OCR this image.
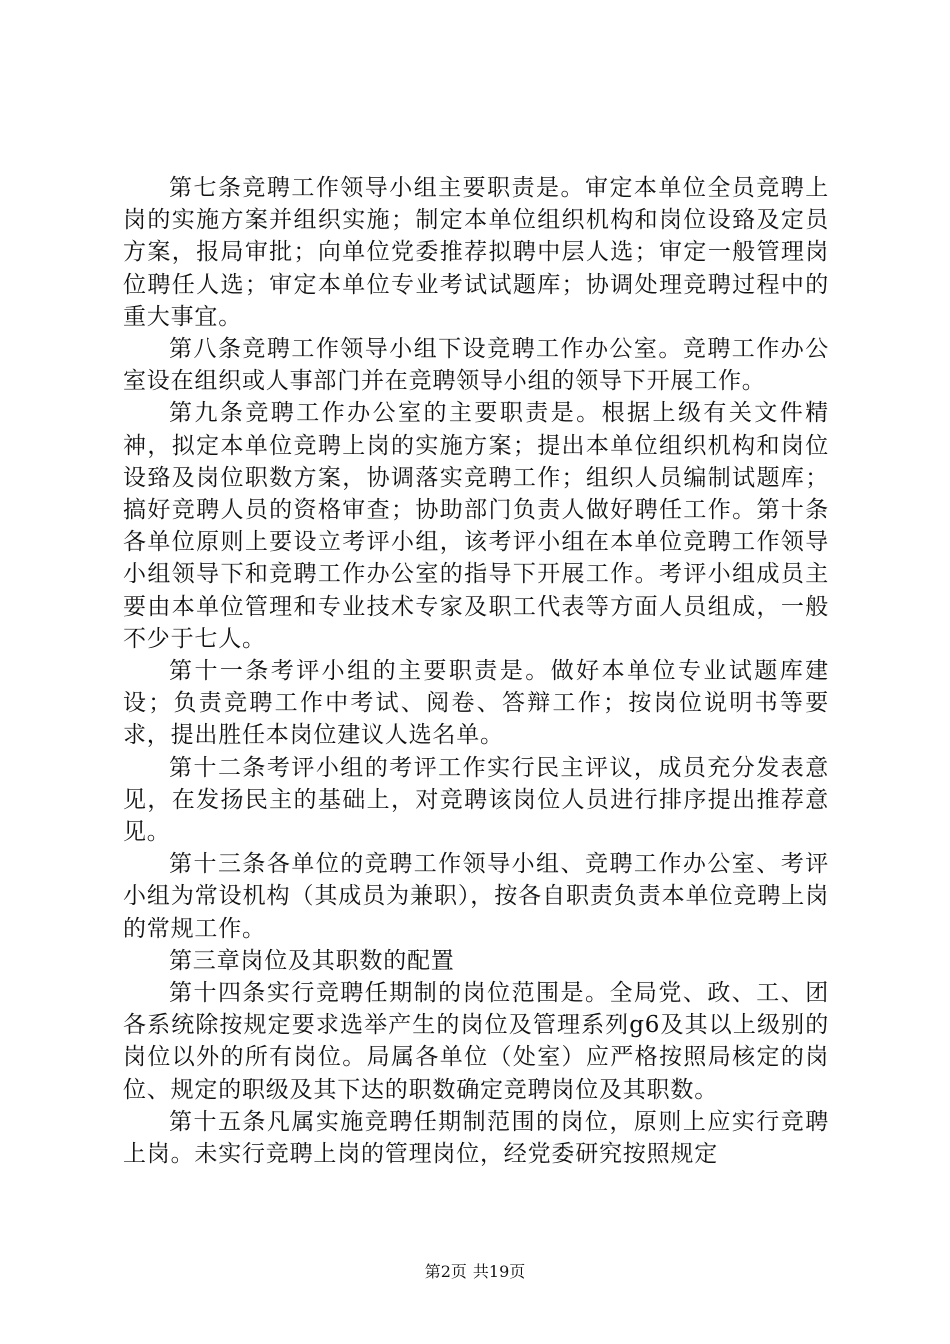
第七条竞聘工作领导小组主要职责是。审定本单位全员竞聘上岗的实施方案并组织实施；制定本单位组织机构和岗位设臵及定员方案，报局审批；向单位党委推荐拟聘中层人选；审定一般管理岗位聘任人选；审定本单位专业考试试题库；协调处理竞聘过程中的重大事宜。

第八条竞聘工作领导小组下设竞聘工作办公室。竞聘工作办公室设在组织或人事部门并在竞聘领导小组的领导下开展工作。

第九条竞聘工作办公室的主要职责是。根据上级有关文件精神，拟定本单位竞聘上岗的实施方案；提出本单位组织机构和岗位设臵及岗位职数方案，协调落实竞聘工作；组织人员编制试题库；搞好竞聘人员的资格审查；协助部门负责人做好聘任工作。第十条各单位原则上要设立考评小组，该考评小组在本单位竞聘工作领导小组领导下和竞聘工作办公室的指导下开展工作。考评小组成员主要由本单位管理和专业技术专家及职工代表等方面人员组成，一般不少于七人。

第十一条考评小组的主要职责是。做好本单位专业试题库建设；负责竞聘工作中考试、阅卷、答辩工作；按岗位说明书等要求，提出胜任本岗位建议人选名单。

第十二条考评小组的考评工作实行民主评议，成员充分发表意见，在发扬民主的基础上，对竞聘该岗位人员进行排序提出推荐意见。

第十三条各单位的竞聘工作领导小组、竞聘工作办公室、考评小组为常设机构（其成员为兼职），按各自职责负责本单位竞聘上岗的常规工作。

第三章岗位及其职数的配置

第十四条实行竞聘任期制的岗位范围是。全局党、政、工、团各系统除按规定要求选举产生的岗位及管理系列g6及其以上级别的岗位以外的所有岗位。局属各单位（处室）应严格按照局核定的岗位、规定的职级及其下达的职数确定竞聘岗位及其职数。

第十五条凡属实施竞聘任期制范围的岗位，原则上应实行竞聘上岗。未实行竞聘上岗的管理岗位，经党委研究按照规定

第2页 共19页
